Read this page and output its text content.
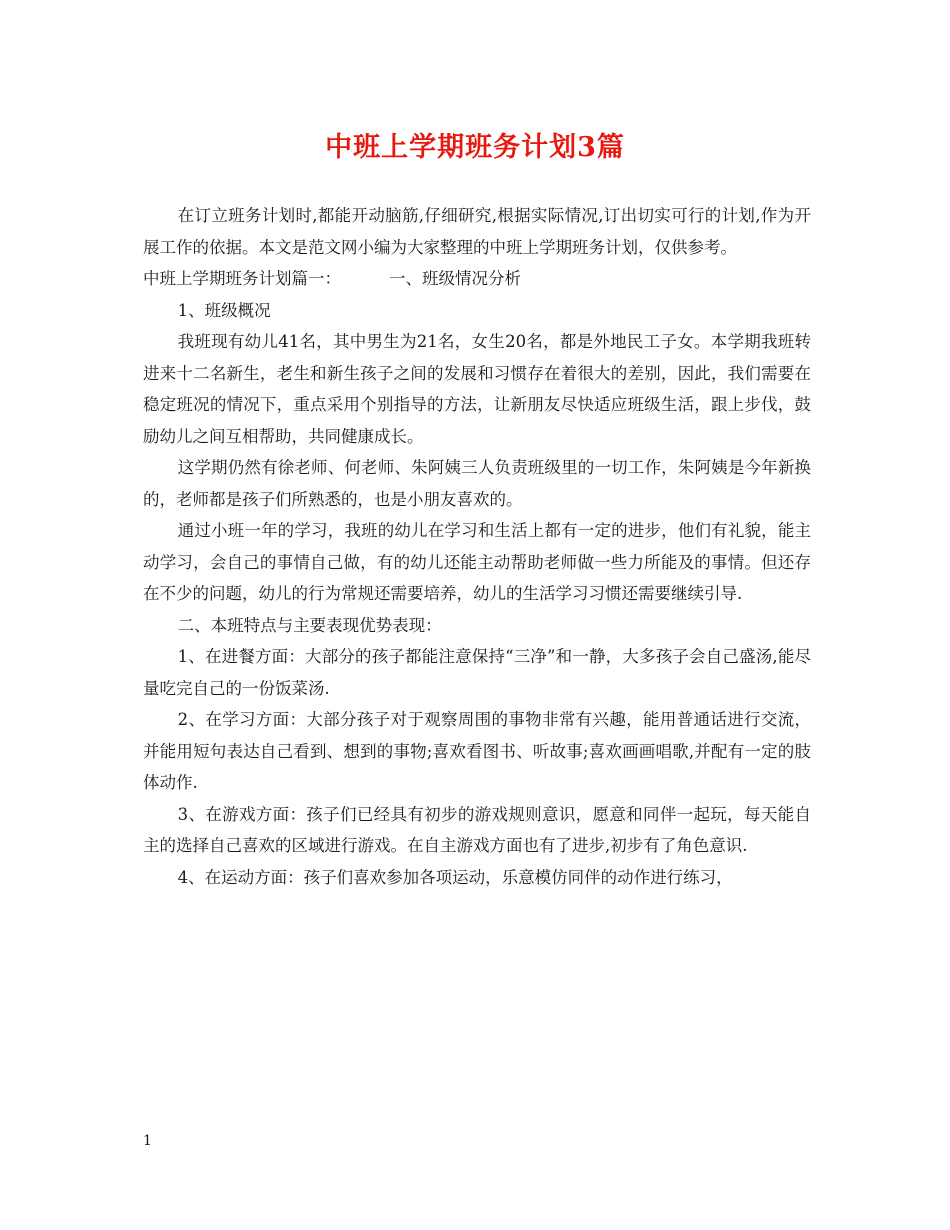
中班上学期班务计划3篇

在订立班务计划时,都能开动脑筋,仔细研究,根据实际情况,订出切实可行的计划,作为开展工作的依据。本文是范文网小编为大家整理的中班上学期班务计划，仅供参考。

中班上学期班务计划篇一：	一、班级情况分析

1、班级概况

我班现有幼儿41名，其中男生为21名，女生20名，都是外地民工子女。本学期我班转进来十二名新生，老生和新生孩子之间的发展和习惯存在着很大的差别，因此，我们需要在稳定班况的情况下，重点采用个别指导的方法，让新朋友尽快适应班级生活，跟上步伐，鼓励幼儿之间互相帮助，共同健康成长。

这学期仍然有徐老师、何老师、朱阿姨三人负责班级里的一切工作，朱阿姨是今年新换的，老师都是孩子们所熟悉的，也是小朋友喜欢的。

通过小班一年的学习，我班的幼儿在学习和生活上都有一定的进步，他们有礼貌，能主动学习，会自己的事情自己做，有的幼儿还能主动帮助老师做一些力所能及的事情。但还存在不少的问题，幼儿的行为常规还需要培养，幼儿的生活学习习惯还需要继续引导.

二、本班特点与主要表现优势表现：

1、在进餐方面：大部分的孩子都能注意保持“三净”和一静，大多孩子会自己盛汤,能尽量吃完自己的一份饭菜汤.

2、在学习方面：大部分孩子对于观察周围的事物非常有兴趣，能用普通话进行交流，并能用短句表达自己看到、想到的事物;喜欢看图书、听故事;喜欢画画唱歌,并配有一定的肢体动作.

3、在游戏方面：孩子们已经具有初步的游戏规则意识，愿意和同伴一起玩，每天能自主的选择自己喜欢的区域进行游戏。在自主游戏方面也有了进步,初步有了角色意识.

4、在运动方面：孩子们喜欢参加各项运动，乐意模仿同伴的动作进行练习，

1
